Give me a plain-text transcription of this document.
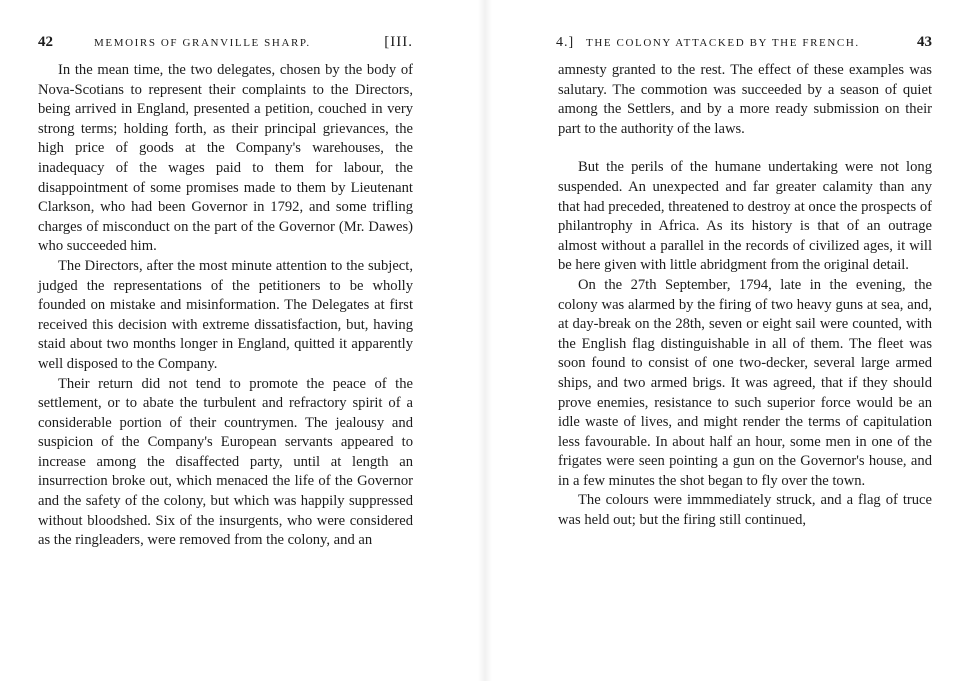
42	MEMOIRS OF GRANVILLE SHARP.	[III.

In the mean time, the two delegates, chosen by the body of Nova-Scotians to represent their complaints to the Directors, being arrived in England, presented a petition, couched in very strong terms; holding forth, as their principal grievances, the high price of goods at the Company's warehouses, the inadequacy of the wages paid to them for labour, the disappointment of some promises made to them by Lieutenant Clarkson, who had been Governor in 1792, and some trifling charges of misconduct on the part of the Governor (Mr. Dawes) who succeeded him.

The Directors, after the most minute attention to the subject, judged the representations of the petitioners to be wholly founded on mistake and misinformation. The Delegates at first received this decision with extreme dissatisfaction, but, having staid about two months longer in England, quitted it apparently well disposed to the Company.

Their return did not tend to promote the peace of the settlement, or to abate the turbulent and refractory spirit of a considerable portion of their countrymen. The jealousy and suspicion of the Company's European servants appeared to increase among the disaffected party, until at length an insurrection broke out, which menaced the life of the Governor and the safety of the colony, but which was happily suppressed without bloodshed. Six of the insurgents, who were considered as the ringleaders, were removed from the colony, and an

4.] THE COLONY ATTACKED BY THE FRENCH.	43

amnesty granted to the rest. The effect of these examples was salutary. The commotion was succeeded by a season of quiet among the Settlers, and by a more ready submission on their part to the authority of the laws.

But the perils of the humane undertaking were not long suspended. An unexpected and far greater calamity than any that had preceded, threatened to destroy at once the prospects of philantrophy in Africa. As its history is that of an outrage almost without a parallel in the records of civilized ages, it will be here given with little abridgment from the original detail.

On the 27th September, 1794, late in the evening, the colony was alarmed by the firing of two heavy guns at sea, and, at day-break on the 28th, seven or eight sail were counted, with the English flag distinguishable in all of them. The fleet was soon found to consist of one two-decker, several large armed ships, and two armed brigs. It was agreed, that if they should prove enemies, resistance to such superior force would be an idle waste of lives, and might render the terms of capitulation less favourable. In about half an hour, some men in one of the frigates were seen pointing a gun on the Governor's house, and in a few minutes the shot began to fly over the town.

The colours were immmediately struck, and a flag of truce was held out; but the firing still continued,
